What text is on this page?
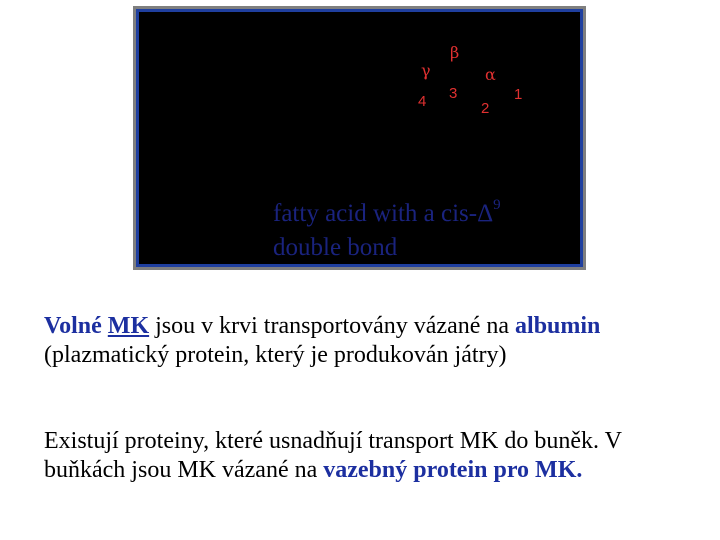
γ
β
α
4 3
2
1
fatty acid with a cis-$\Delta^9$
double bond

Volné MK jsou v krvi transportovány vázané na albumin (plazmatický protein, který je produkován játry)

Existují proteiny, které usnadňují transport MK do buněk. V buňkách jsou MK vázané na vazebný protein pro MK.
